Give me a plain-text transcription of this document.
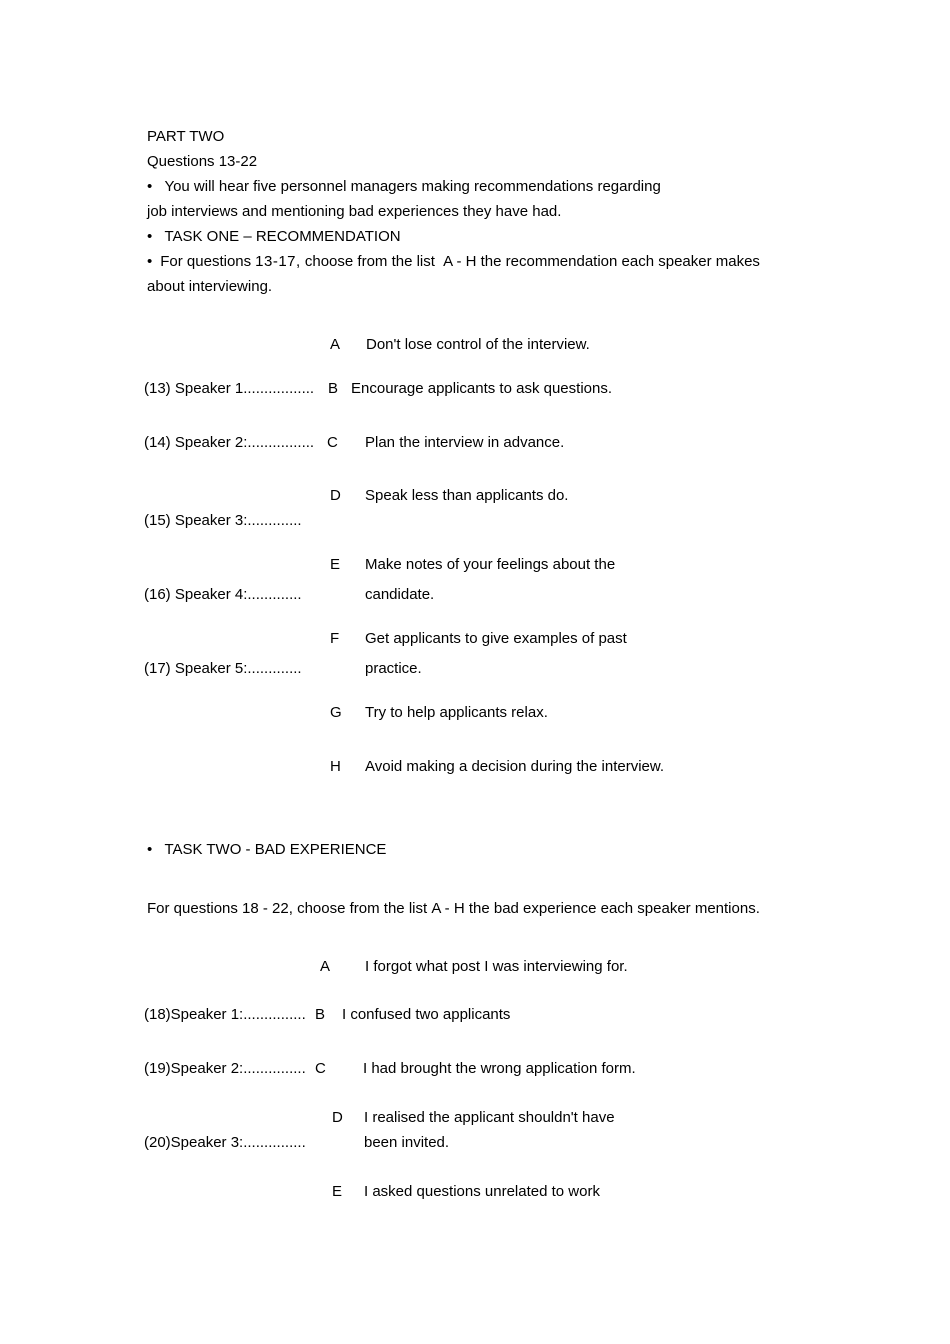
PART TWO
Questions 13-22
• You will hear five personnel managers making recommendations regarding
job interviews and mentioning bad experiences they have had.
• TASK ONE – RECOMMENDATION
• For questions 13-17, choose from the list A - H the recommendation each speaker makes
about interviewing.
(13) Speaker 1.................
(14) Speaker 2:................
(15) Speaker 3:.............
(16) Speaker 4:.............
(17) Speaker 5:.............
A Don't lose control of the interview.
B Encourage applicants to ask questions.
C Plan the interview in advance.
D Speak less than applicants do.
E Make notes of your feelings about the
candidate.
F Get applicants to give examples of past
practice.
G Try to help applicants relax.
H Avoid making a decision during the interview.
• TASK TWO - BAD EXPERIENCE
For questions 18 - 22, choose from the list A - H the bad experience each speaker mentions.
(18)Speaker 1:...............
(19)Speaker 2:...............
(20)Speaker 3:...............
A I forgot what post I was interviewing for.
B I confused two applicants
C I had brought the wrong application form.
D I realised the applicant shouldn't have
been invited.
E I asked questions unrelated to work
